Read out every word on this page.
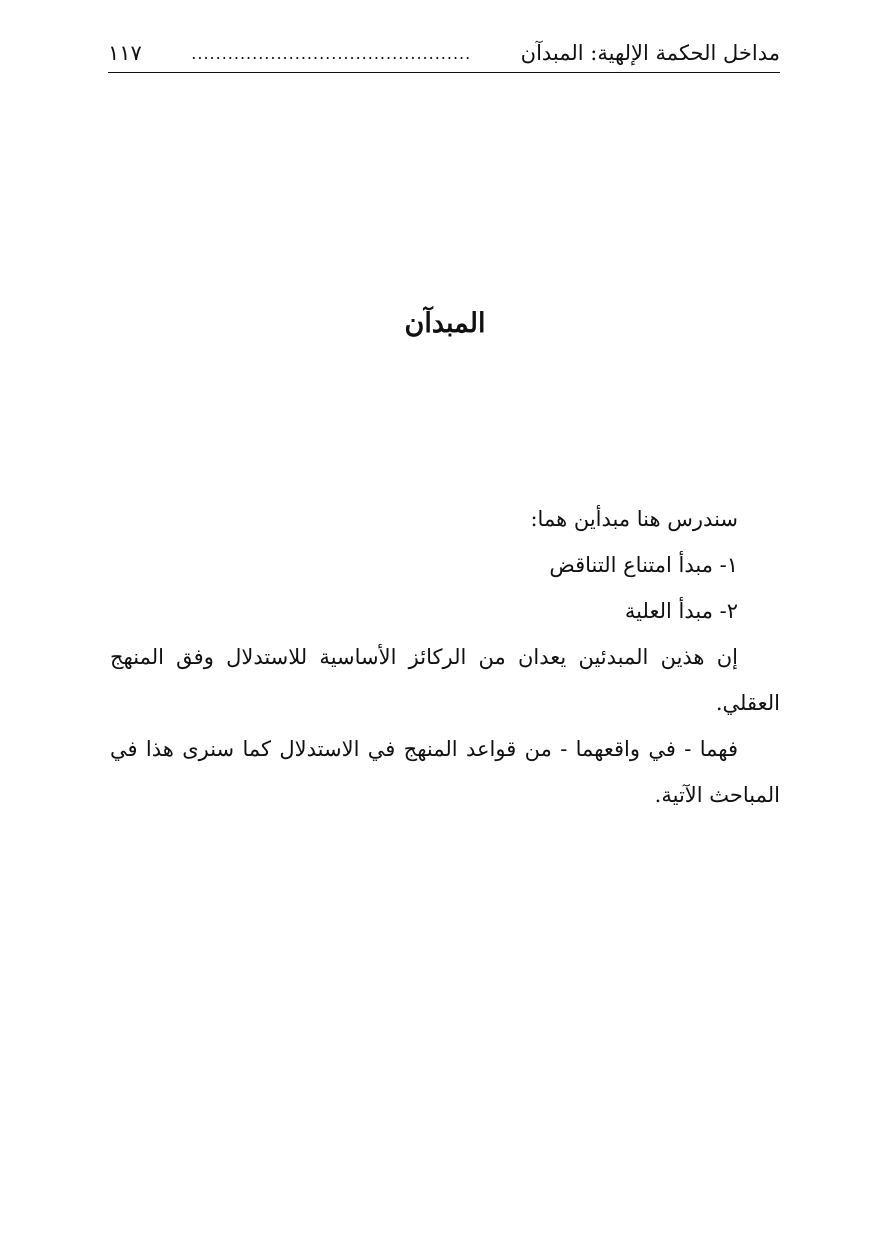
مداخل الحكمة الإلهية: المبدآن
..............................................
١١٧
المبدآن
سندرس هنا مبدأين هما:
١- مبدأ امتناع التناقض
٢- مبدأ العلية

إن هذين المبدئين يعدان من الركائز الأساسية للاستدلال وفق المنهج العقلي.

فهما - في واقعهما - من قواعد المنهج في الاستدلال كما سنرى هذا في المباحث الآتية.
